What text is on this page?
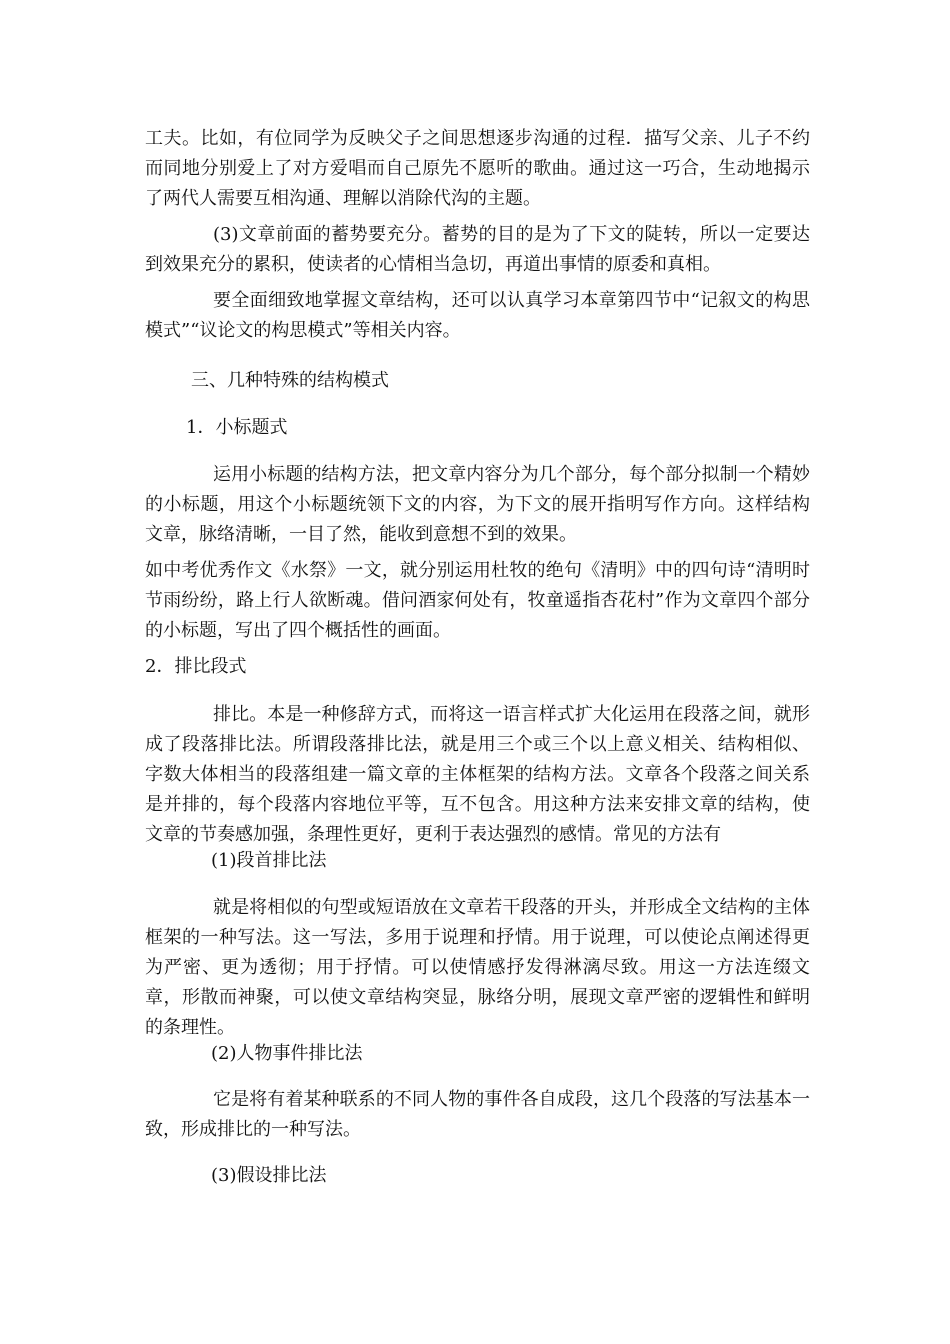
工夫。比如，有位同学为反映父子之间思想逐步沟通的过程．描写父亲、儿子不约而同地分别爱上了对方爱唱而自己原先不愿听的歌曲。通过这一巧合，生动地揭示了两代人需要互相沟通、理解以消除代沟的主题。

(3)文章前面的蓄势要充分。蓄势的目的是为了下文的陡转，所以一定要达到效果充分的累积，使读者的心情相当急切，再道出事情的原委和真相。

要全面细致地掌握文章结构，还可以认真学习本章第四节中“记叙文的构思模式”“议论文的构思模式”等相关内容。

三、几种特殊的结构模式

1．小标题式

运用小标题的结构方法，把文章内容分为几个部分，每个部分拟制一个精妙的小标题，用这个小标题统领下文的内容，为下文的展开指明写作方向。这样结构文章，脉络清晰，一目了然，能收到意想不到的效果。

如中考优秀作文《水祭》一文，就分别运用杜牧的绝句《清明》中的四句诗“清明时节雨纷纷，路上行人欲断魂。借问酒家何处有，牧童遥指杏花村”作为文章四个部分的小标题，写出了四个概括性的画面。

2．排比段式

排比。本是一种修辞方式，而将这一语言样式扩大化运用在段落之间，就形成了段落排比法。所谓段落排比法，就是用三个或三个以上意义相关、结构相似、字数大体相当的段落组建一篇文章的主体框架的结构方法。文章各个段落之间关系是并排的，每个段落内容地位平等，互不包含。用这种方法来安排文章的结构，使文章的节奏感加强，条理性更好，更利于表达强烈的感情。常见的方法有

(1)段首排比法

就是将相似的句型或短语放在文章若干段落的开头，并形成全文结构的主体框架的一种写法。这一写法，多用于说理和抒情。用于说理，可以使论点阐述得更为严密、更为透彻；用于抒情。可以使情感抒发得淋漓尽致。用这一方法连缀文章，形散而神聚，可以使文章结构突显，脉络分明，展现文章严密的逻辑性和鲜明的条理性。

(2)人物事件排比法

它是将有着某种联系的不同人物的事件各自成段，这几个段落的写法基本一致，形成排比的一种写法。

(3)假设排比法
